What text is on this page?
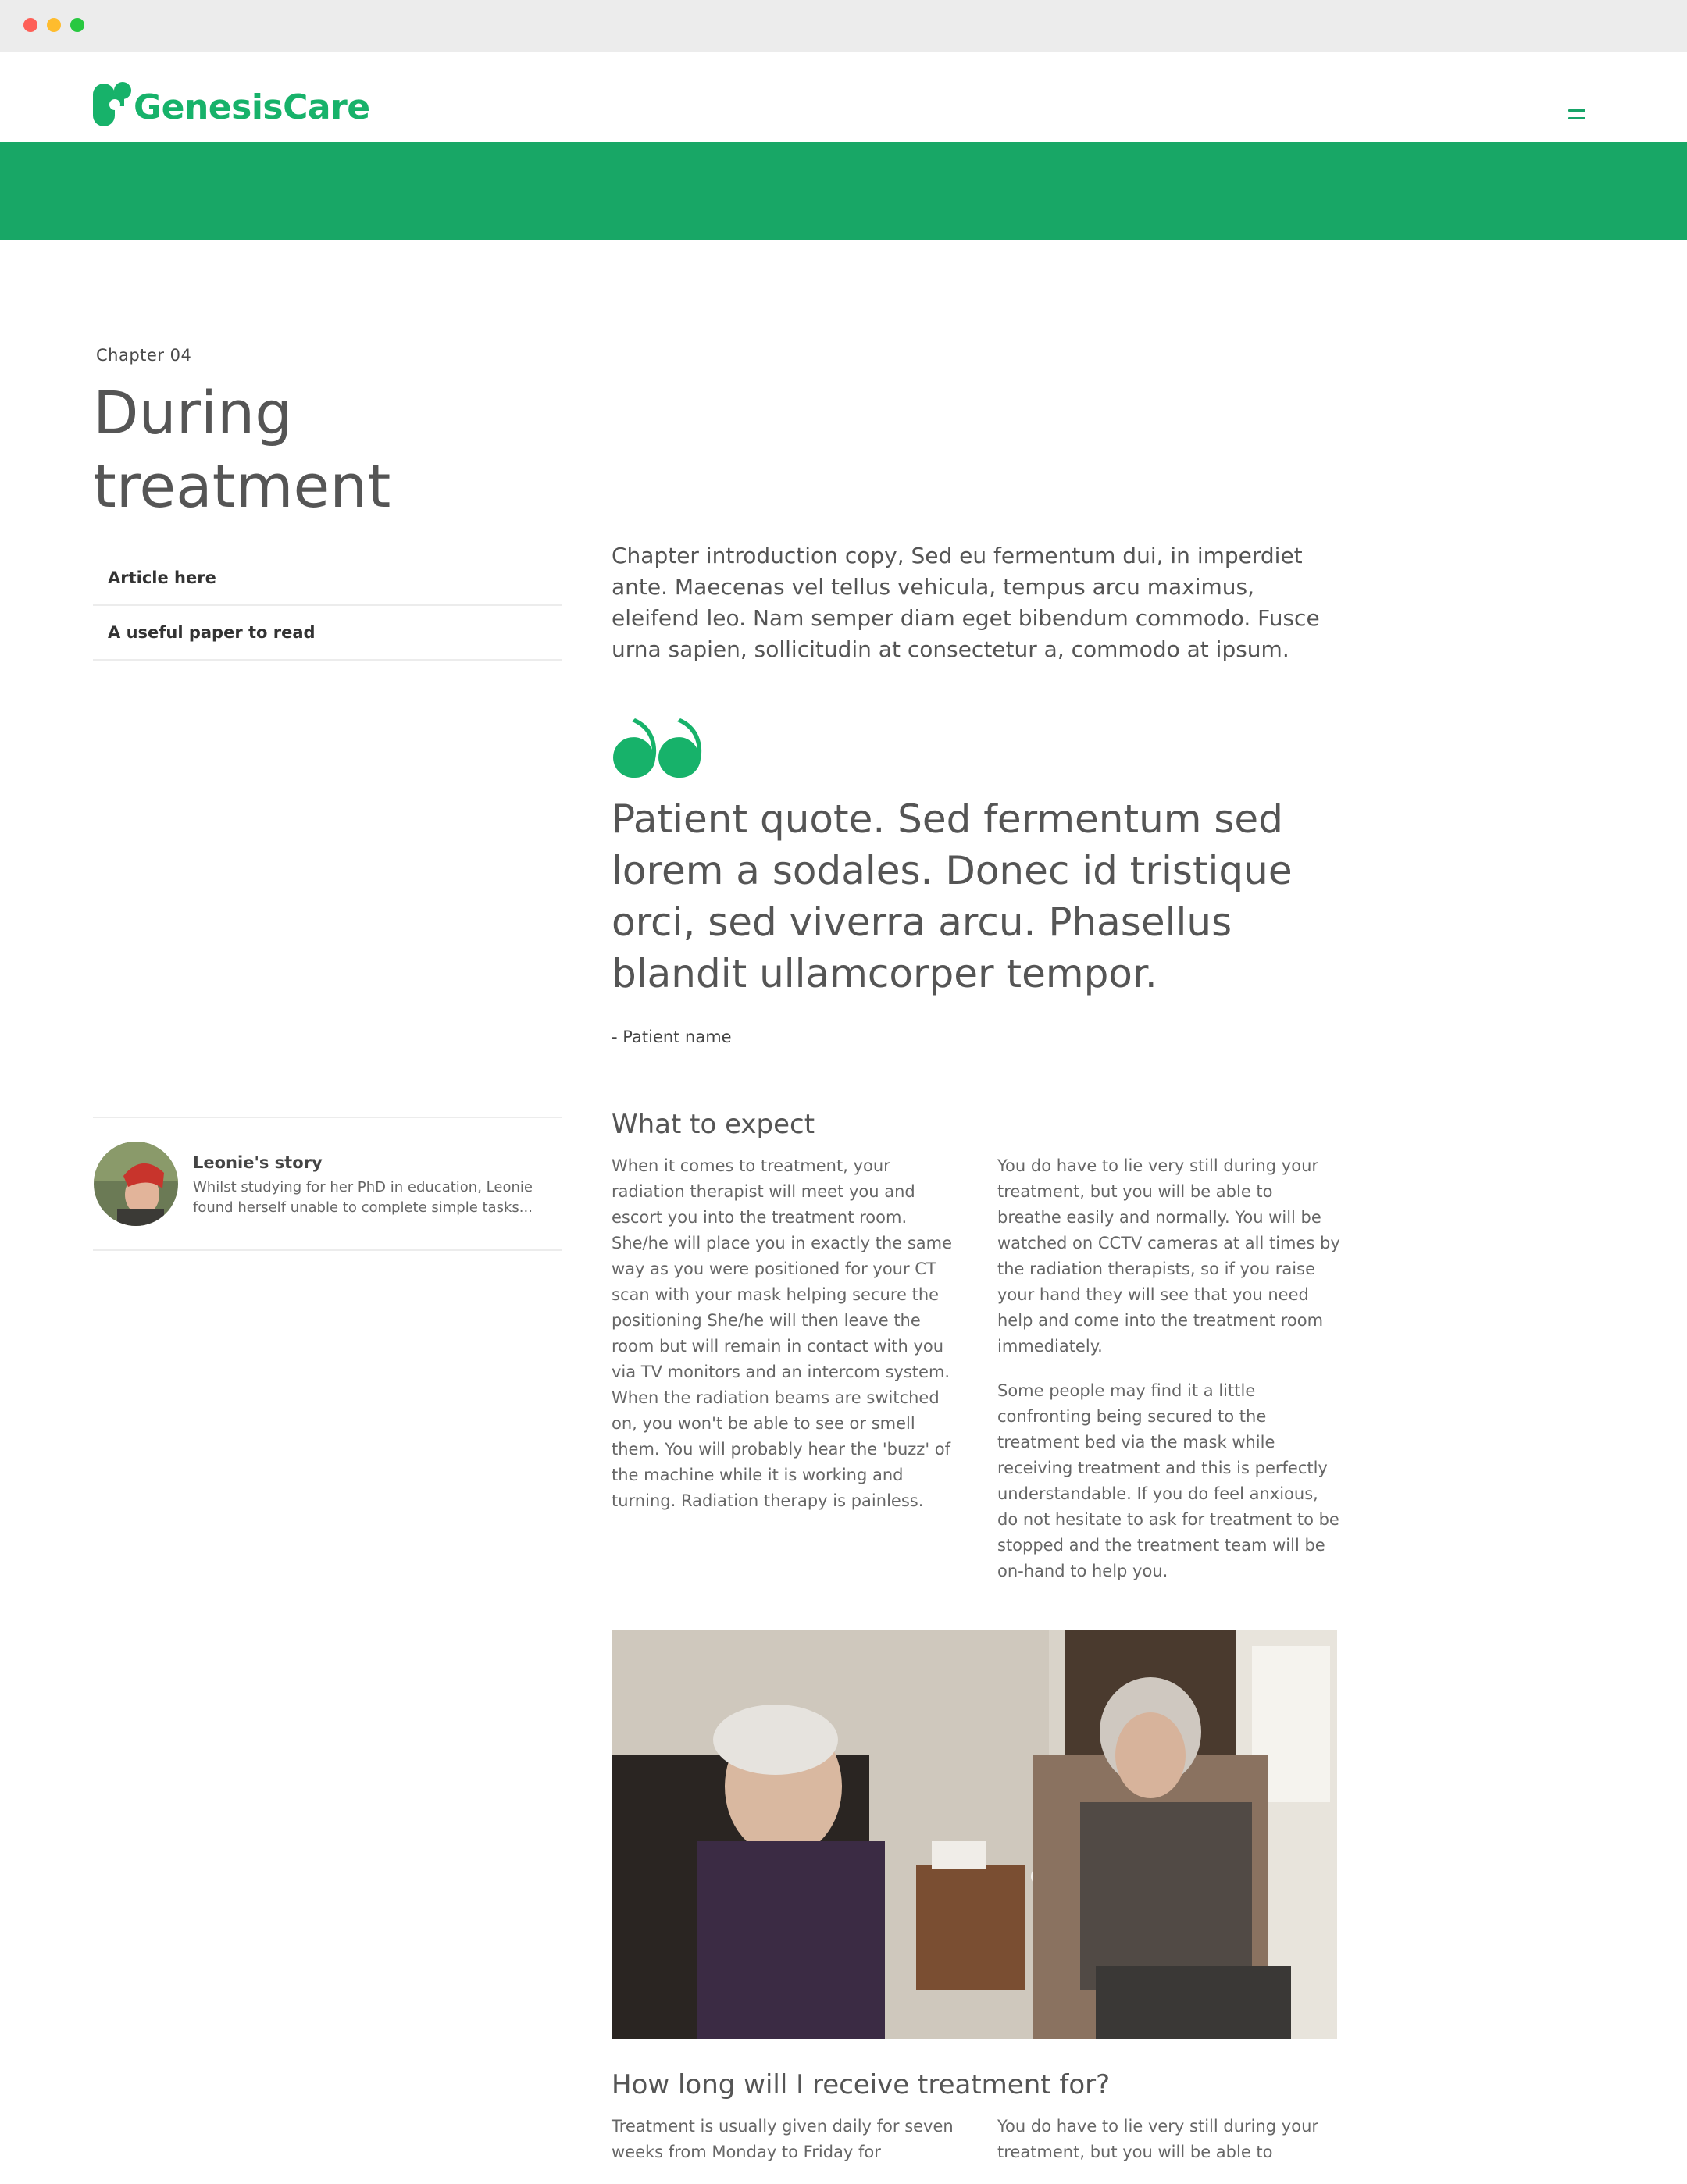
GenesisCare
Chapter 04
During treatment
Article here
A useful paper to read
Leonie's story
Whilst studying for her PhD in education, Leonie found herself unable to complete simple tasks...

Chapter introduction copy, Sed eu fermentum dui, in imperdiet ante. Maecenas vel tellus vehicula, tempus arcu maximus, eleifend leo. Nam semper diam eget bibendum commodo. Fusce urna sapien, sollicitudin at consectetur a, commodo at ipsum.

Patient quote. Sed fermentum sed lorem a sodales. Donec id tristique orci, sed viverra arcu. Phasellus blandit ullamcorper tempor.
- Patient name
What to expect

When it comes to treatment, your radiation therapist will meet you and escort you into the treatment room. She/he will place you in exactly the same way as you were positioned for your CT scan with your mask helping secure the positioning She/he will then leave the room but will remain in contact with you via TV monitors and an intercom system. When the radiation beams are switched on, you won't be able to see or smell them. You will probably hear the 'buzz' of the machine while it is working and turning. Radiation therapy is painless.

You do have to lie very still during your treatment, but you will be able to breathe easily and normally. You will be watched on CCTV cameras at all times by the radiation therapists, so if you raise your hand they will see that you need help and come into the treatment room immediately.

Some people may find it a little confronting being secured to the treatment bed via the mask while receiving treatment and this is perfectly understandable. If you do feel anxious, do not hesitate to ask for treatment to be stopped and the treatment team will be on-hand to help you.

How long will I receive treatment for?

Treatment is usually given daily for seven weeks from Monday to Friday for

You do have to lie very still during your treatment, but you will be able to
